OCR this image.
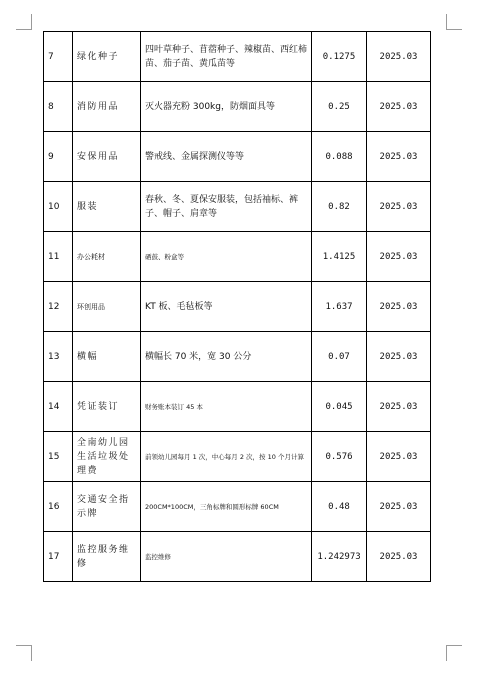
7	绿化种子	四叶草种子、苜蓿种子、辣椒苗、西红柿苗、茄子苗、黄瓜苗等	0.1275	2025.03
8	消防用品	灭火器充粉 300kg，防烟面具等	0.25	2025.03
9	安保用品	警戒线、金属探测仪等等	0.088	2025.03
10	服装	春秋、冬、夏保安服装，包括袖标、裤子、帽子、肩章等	0.82	2025.03
11	办公耗材	硒鼓、粉盒等	1.4125	2025.03
12	环创用品	KT 板、毛毡板等	1.637	2025.03
13	横幅	横幅长 70 米，宽 30 公分	0.07	2025.03
14	凭证装订	财务账本装订 45 本	0.045	2025.03
15	全南幼儿园生活垃圾处理费	前领幼儿园每月 1 次，中心每月 2 次，按 10 个月计算	0.576	2025.03
16	交通安全指示牌	200CM*100CM，三角标牌和圆形标牌 60CM	0.48	2025.03
17	监控服务维修	监控维修	1.242973	2025.03
